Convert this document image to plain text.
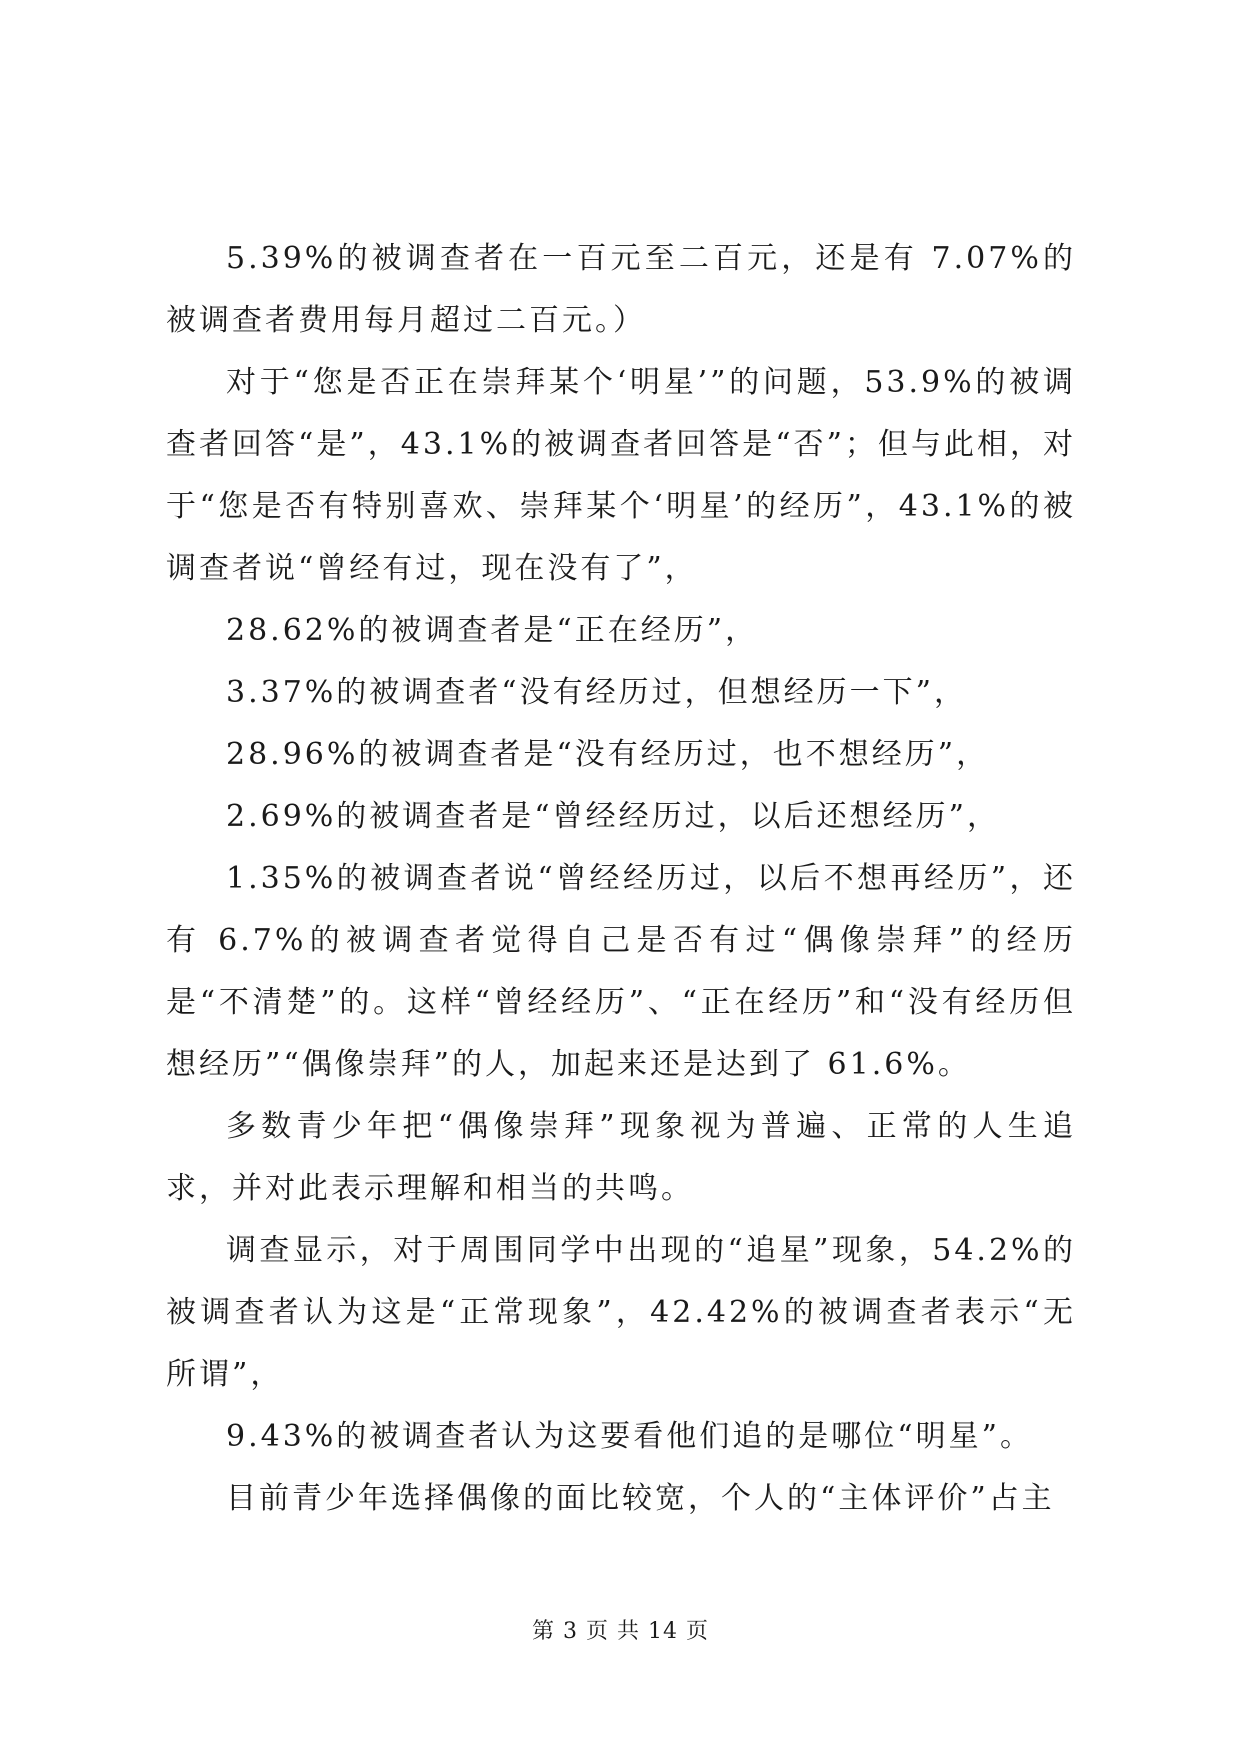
5.39%的被调查者在一百元至二百元，还是有 7.07%的被调查者费用每月超过二百元。）

对于“您是否正在崇拜某个‘明星’”的问题，53.9%的被调查者回答“是”，43.1%的被调查者回答是“否”；但与此相，对于“您是否有特别喜欢、崇拜某个‘明星’的经历”，43.1%的被调查者说“曾经有过，现在没有了”，

28.62%的被调查者是“正在经历”，

3.37%的被调查者“没有经历过，但想经历一下”，

28.96%的被调查者是“没有经历过，也不想经历”，

2.69%的被调查者是“曾经经历过，以后还想经历”，

1.35%的被调查者说“曾经经历过，以后不想再经历”，还有 6.7%的被调查者觉得自己是否有过“偶像崇拜”的经历是“不清楚”的。这样“曾经经历”、“正在经历”和“没有经历但想经历”“偶像崇拜”的人，加起来还是达到了 61.6%。

多数青少年把“偶像崇拜”现象视为普遍、正常的人生追求，并对此表示理解和相当的共鸣。

调查显示，对于周围同学中出现的“追星”现象，54.2%的被调查者认为这是“正常现象”，42.42%的被调查者表示“无所谓”，

9.43%的被调查者认为这要看他们追的是哪位“明星”。

目前青少年选择偶像的面比较宽，个人的“主体评价”占主

第 3 页 共 14 页
